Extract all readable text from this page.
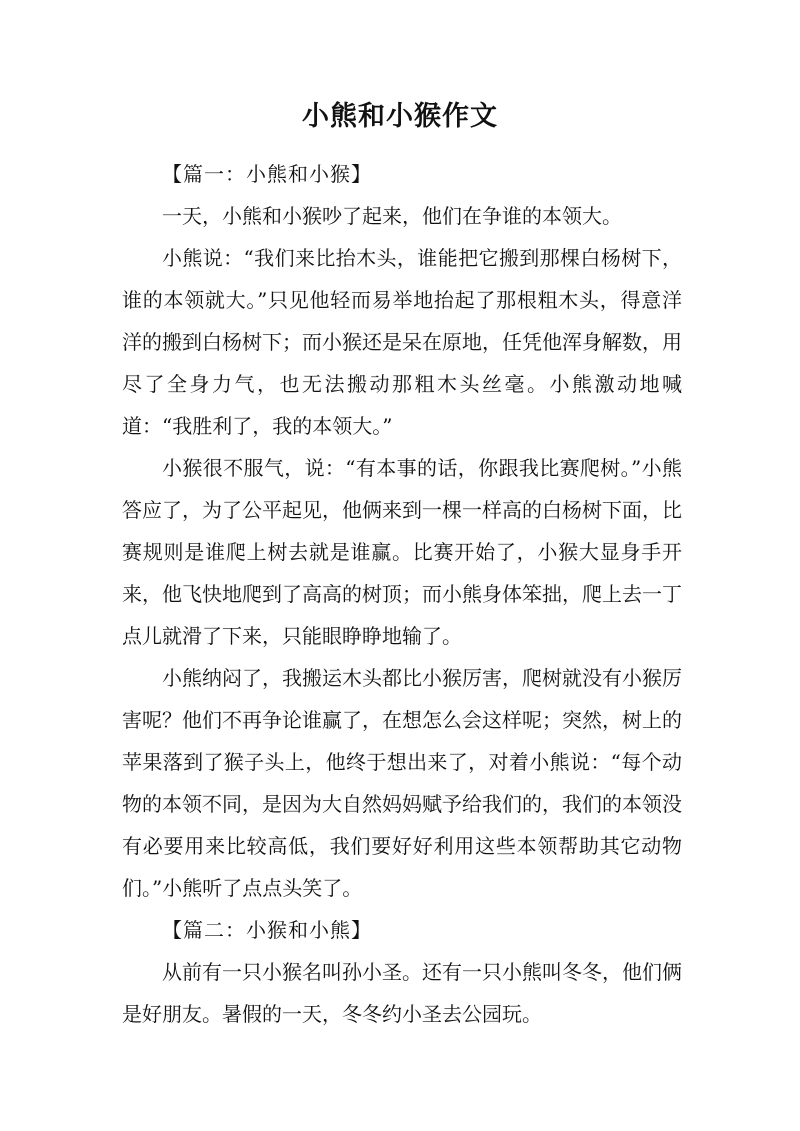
小熊和小猴作文

【篇一：小熊和小猴】

一天，小熊和小猴吵了起来，他们在争谁的本领大。

小熊说：“我们来比抬木头，谁能把它搬到那棵白杨树下，谁的本领就大。”只见他轻而易举地抬起了那根粗木头，得意洋洋的搬到白杨树下；而小猴还是呆在原地，任凭他浑身解数，用尽了全身力气，也无法搬动那粗木头丝毫。小熊激动地喊道：“我胜利了，我的本领大。”

小猴很不服气，说：“有本事的话，你跟我比赛爬树。”小熊答应了，为了公平起见，他俩来到一棵一样高的白杨树下面，比赛规则是谁爬上树去就是谁赢。比赛开始了，小猴大显身手开来，他飞快地爬到了高高的树顶；而小熊身体笨拙，爬上去一丁点儿就滑了下来，只能眼睁睁地输了。

小熊纳闷了，我搬运木头都比小猴厉害，爬树就没有小猴厉害呢？他们不再争论谁赢了，在想怎么会这样呢；突然，树上的苹果落到了猴子头上，他终于想出来了，对着小熊说：“每个动物的本领不同，是因为大自然妈妈赋予给我们的，我们的本领没有必要用来比较高低，我们要好好利用这些本领帮助其它动物们。”小熊听了点点头笑了。

【篇二：小猴和小熊】

从前有一只小猴名叫孙小圣。还有一只小熊叫冬冬，他们俩是好朋友。暑假的一天，冬冬约小圣去公园玩。
